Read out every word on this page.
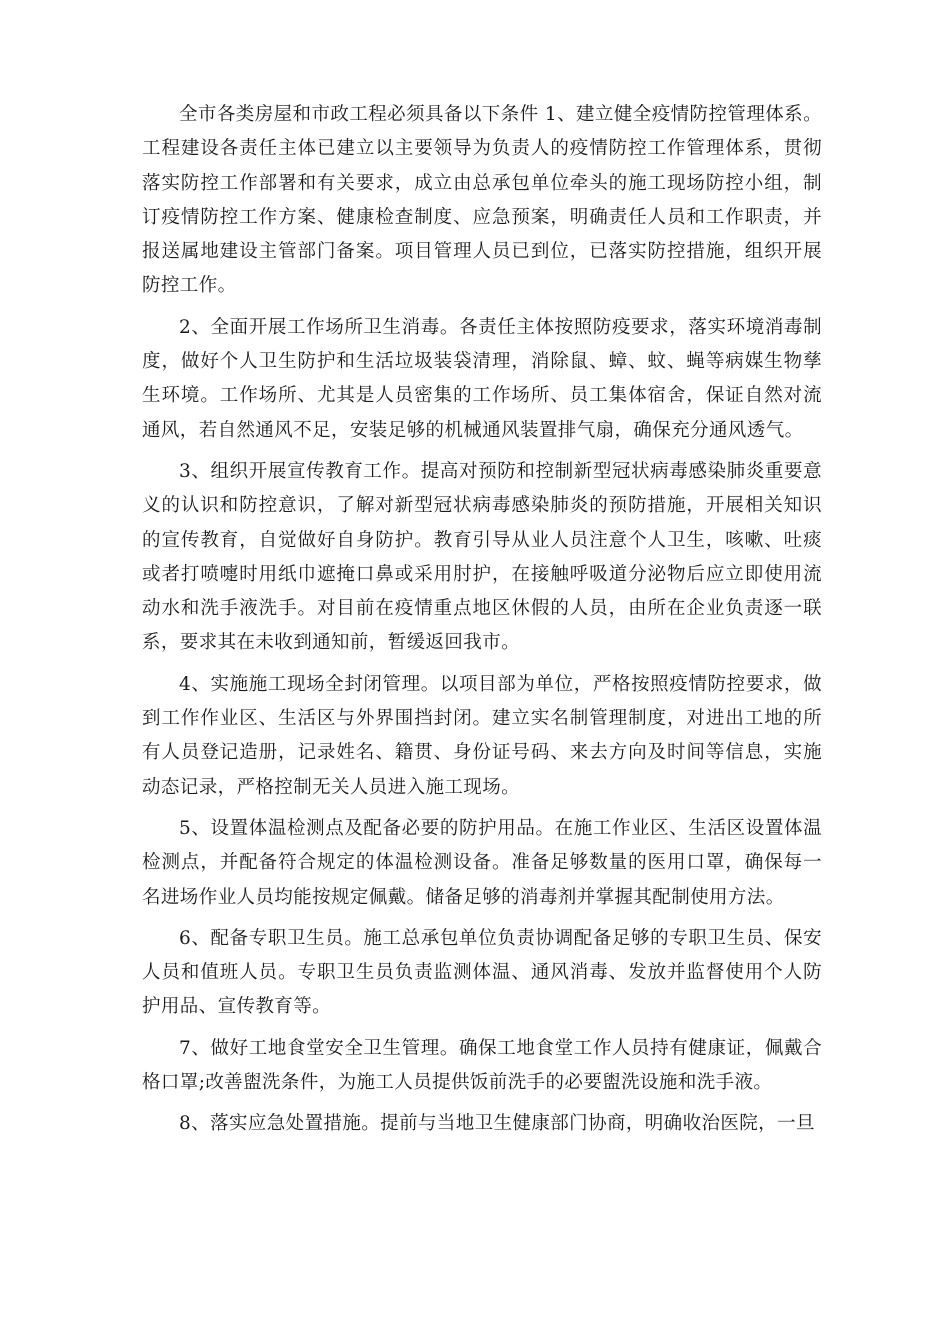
全市各类房屋和市政工程必须具备以下条件 1、建立健全疫情防控管理体系。工程建设各责任主体已建立以主要领导为负责人的疫情防控工作管理体系，贯彻落实防控工作部署和有关要求，成立由总承包单位牵头的施工现场防控小组，制订疫情防控工作方案、健康检查制度、应急预案，明确责任人员和工作职责，并报送属地建设主管部门备案。项目管理人员已到位，已落实防控措施，组织开展防控工作。

2、全面开展工作场所卫生消毒。各责任主体按照防疫要求，落实环境消毒制度，做好个人卫生防护和生活垃圾装袋清理，消除鼠、蟑、蚊、蝇等病媒生物孳生环境。工作场所、尤其是人员密集的工作场所、员工集体宿舍，保证自然对流通风，若自然通风不足，安装足够的机械通风装置排气扇，确保充分通风透气。

3、组织开展宣传教育工作。提高对预防和控制新型冠状病毒感染肺炎重要意义的认识和防控意识，了解对新型冠状病毒感染肺炎的预防措施，开展相关知识的宣传教育，自觉做好自身防护。教育引导从业人员注意个人卫生，咳嗽、吐痰或者打喷嚏时用纸巾遮掩口鼻或采用肘护，在接触呼吸道分泌物后应立即使用流动水和洗手液洗手。对目前在疫情重点地区休假的人员，由所在企业负责逐一联系，要求其在未收到通知前，暂缓返回我市。

4、实施施工现场全封闭管理。以项目部为单位，严格按照疫情防控要求，做到工作作业区、生活区与外界围挡封闭。建立实名制管理制度，对进出工地的所有人员登记造册，记录姓名、籍贯、身份证号码、来去方向及时间等信息，实施动态记录，严格控制无关人员进入施工现场。

5、设置体温检测点及配备必要的防护用品。在施工作业区、生活区设置体温检测点，并配备符合规定的体温检测设备。准备足够数量的医用口罩，确保每一名进场作业人员均能按规定佩戴。储备足够的消毒剂并掌握其配制使用方法。

6、配备专职卫生员。施工总承包单位负责协调配备足够的专职卫生员、保安人员和值班人员。专职卫生员负责监测体温、通风消毒、发放并监督使用个人防护用品、宣传教育等。

7、做好工地食堂安全卫生管理。确保工地食堂工作人员持有健康证，佩戴合格口罩;改善盥洗条件，为施工人员提供饭前洗手的必要盥洗设施和洗手液。

8、落实应急处置措施。提前与当地卫生健康部门协商，明确收治医院，一旦
